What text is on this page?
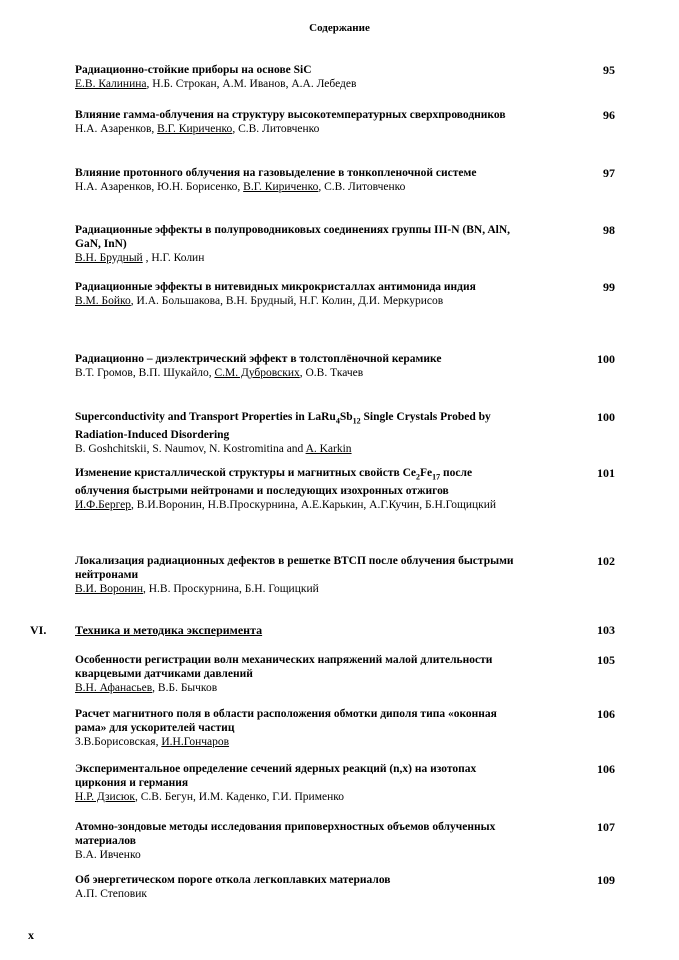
Содержание
Радиационно-стойкие приборы на основе SiC
Е.В. Калинина, Н.Б. Строкан, А.М. Иванов, А.А. Лебедев
95
Влияние гамма-облучения на структуру высокотемпературных сверхпроводников
Н.А. Азаренков, В.Г. Кириченко, С.В. Литовченко
96
Влияние протонного облучения на газовыделение в тонкопленочной системе
Н.А. Азаренков, Ю.Н. Борисенко, В.Г. Кириченко, С.В. Литовченко
97
Радиационные эффекты в полупроводниковых соединениях группы III-N (BN, AlN, GaN, InN)
В.Н. Брудный , Н.Г. Колин
98
Радиационные эффекты в нитевидных микрокристаллах антимонида индия
В.М. Бойко, И.А. Большакова, В.Н. Брудный, Н.Г. Колин, Д.И. Меркурисов
99
Радиационно – диэлектрический эффект в толстоплёночной керамике
В.Т. Громов, В.П. Шукайло, С.М. Дубровских, О.В. Ткачев
100
Superconductivity and Transport Properties in $LaRu_4Sb_{12}$ Single Crystals Probed by Radiation-Induced Disordering
B. Goshchitskii, S. Naumov, N. Kostromitina and A. Karkin
100
Изменение кристаллической структуры и магнитных свойств $Ce_2Fe_{17}$ после облучения быстрыми нейтронами и последующих изохронных отжигов
И.Ф.Бергер, В.И.Воронин, Н.В.Проскурнина, А.Е.Карькин, А.Г.Кучин, Б.Н.Гощицкий
101
Локализация радиационных дефектов в решетке ВТСП после облучения быстрыми нейтронами
В.И. Воронин, Н.В. Проскурнина, Б.Н. Гощицкий
102
VI. Техника и методика эксперимента	103
Особенности регистрации волн механических напряжений малой длительности кварцевыми датчиками давлений
В.Н. Афанасьев, В.Б. Бычков
105
Расчет магнитного поля в области расположения обмотки диполя типа «оконная рама» для ускорителей частиц
З.В.Борисовская, И.Н.Гончаров
106
Экспериментальное определение сечений ядерных реакций (n,x) на изотопах циркония и германия
Н.Р. Дзисюк, С.В. Бегун, И.М. Каденко, Г.И. Применко
106
Атомно-зондовые методы исследования приповерхностных объемов облученных материалов
В.А. Ивченко
107
Об энергетическом пороге откола легкоплавких материалов
А.П. Степовик
109
x
